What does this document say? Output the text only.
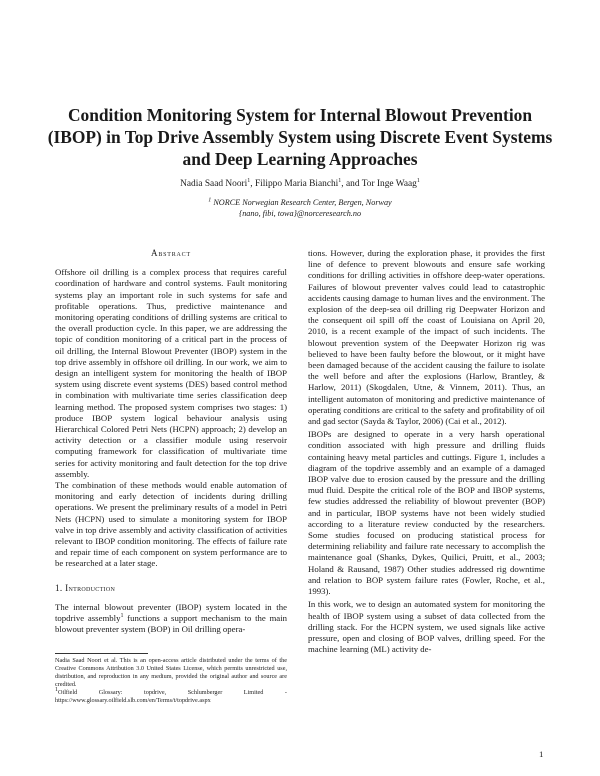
Condition Monitoring System for Internal Blowout Prevention (IBOP) in Top Drive Assembly System using Discrete Event Systems and Deep Learning Approaches
Nadia Saad Noori$^1$, Filippo Maria Bianchi$^1$, and Tor Inge Waag$^1$
$^1$ NORCE Norwegian Research Center, Bergen, Norway
{nano, fibi, towa}@norceresearch.no
Abstract

Offshore oil drilling is a complex process that requires careful coordination of hardware and control systems. Fault monitoring systems play an important role in such systems for safe and profitable operations. Thus, predictive maintenance and monitoring operating conditions of drilling systems are critical to the overall production cycle. In this paper, we are addressing the topic of condition monitoring of a critical part in the process of oil drilling, the Internal Blowout Preventer (IBOP) system in the top drive assembly in offshore oil drilling. In our work, we aim to design an intelligent system for monitoring the health of IBOP system using discrete event systems (DES) based control method in combination with multivariate time series classification deep learning method. The proposed system comprises two stages: 1) produce IBOP system logical behaviour analysis using Hierarchical Colored Petri Nets (HCPN) approach; 2) develop an activity detection or a classifier module using reservoir computing framework for classification of multivariate time series for activity monitoring and fault detection for the top drive assembly.

The combination of these methods would enable automation of monitoring and early detection of incidents during drilling operations. We present the preliminary results of a model in Petri Nets (HCPN) used to simulate a monitoring system for IBOP valve in top drive assembly and activity classification of activities relevant to IBOP condition monitoring. The effects of failure rate and repair time of each component on system performance are to be researched at a later stage.

1. Introduction

The internal blowout preventer (IBOP) system located in the topdrive assembly$^1$ functions a support mechanism to the main blowout preventer system (BOP) in Oil drilling opera-

tions. However, during the exploration phase, it provides the first line of defence to prevent blowouts and ensure safe working conditions for drilling activities in offshore deep-water operations. Failures of blowout preventer valves could lead to catastrophic accidents causing damage to human lives and the environment. The explosion of the deep-sea oil drilling rig Deepwater Horizon and the consequent oil spill off the coast of Louisiana on April 20, 2010, is a recent example of the impact of such incidents. The blowout prevention system of the Deepwater Horizon rig was believed to have been faulty before the blowout, or it might have been damaged because of the accident causing the failure to isolate the well before and after the explosions (Harlow, Brantley, & Harlow, 2011) (Skogdalen, Utne, & Vinnem, 2011). Thus, an intelligent automaton of monitoring and predictive maintenance of operating conditions are critical to the safety and profitability of oil and gad sector (Sayda & Taylor, 2006) (Cai et al., 2012).

IBOPs are designed to operate in a very harsh operational condition associated with high pressure and drilling fluids containing heavy metal particles and cuttings. Figure 1, includes a diagram of the topdrive assembly and an example of a damaged IBOP valve due to erosion caused by the pressure and the drilling mud fluid. Despite the critical role of the BOP and IBOP systems, few studies addressed the reliability of blowout preventer (BOP) and in particular, IBOP systems have not been widely studied according to a literature review conducted by the researchers. Some studies focused on producing statistical process for determining reliability and failure rate necessary to accomplish the maintenance goal (Shanks, Dykes, Quilici, Pruitt, et al., 2003; Holand & Rausand, 1987) Other studies addressed rig downtime and relation to BOP system failure rates (Fowler, Roche, et al., 1993).

In this work, we to design an automated system for monitoring the health of IBOP system using a subset of data collected from the drilling stack. For the HCPN system, we used signals like active pressure, open and closing of BOP valves, drilling speed. For the machine learning (ML) activity de-

Nadia Saad Noori et al. This is an open-access article distributed under the terms of the Creative Commons Attribution 3.0 United States License, which permits unrestricted use, distribution, and reproduction in any medium, provided the original author and source are credited.

$^1$Oilfield Glossary: topdrive, Schlumberger Limited - https://www.glossary.oilfield.slb.com/en/Terms/t/topdrive.aspx

1
